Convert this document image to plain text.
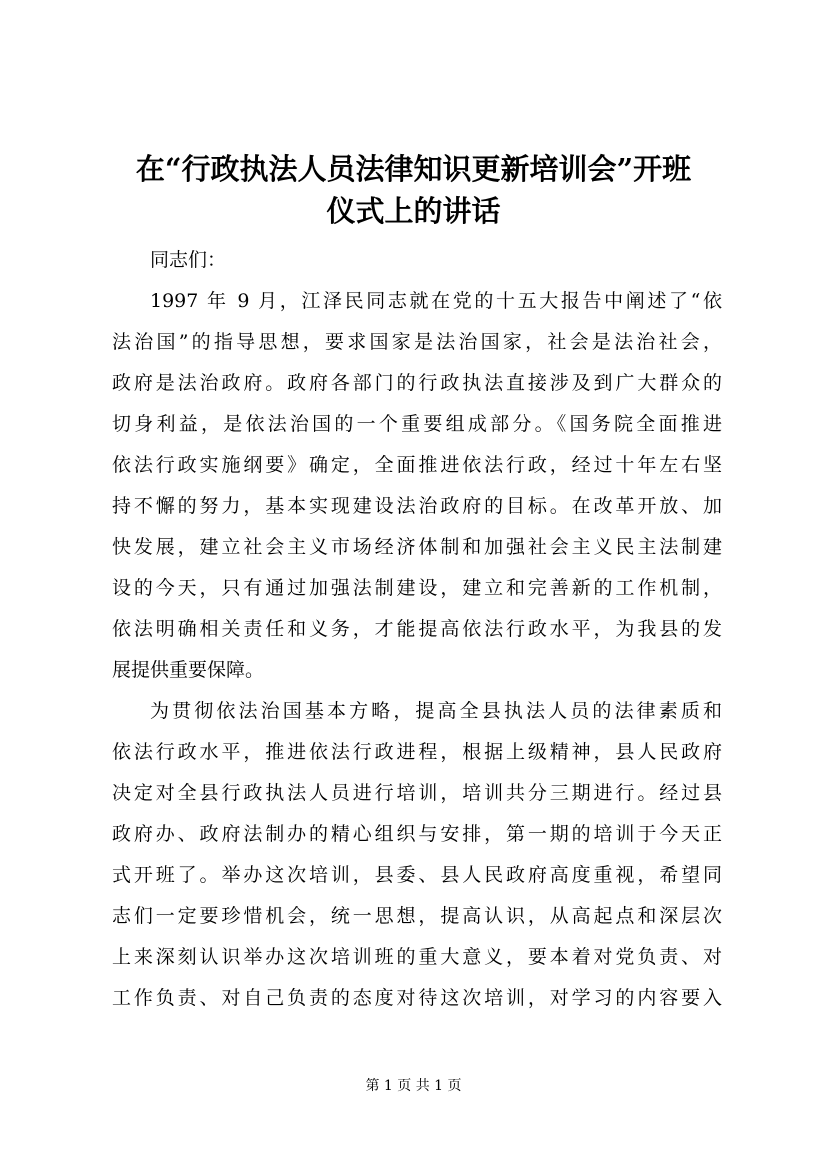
在“行政执法人员法律知识更新培训会”开班
仪式上的讲话
同志们：
1997 年 9 月，江泽民同志就在党的十五大报告中阐述了“依
法治国”的指导思想，要求国家是法治国家，社会是法治社会，
政府是法治政府。政府各部门的行政执法直接涉及到广大群众的
切身利益，是依法治国的一个重要组成部分。《国务院全面推进
依法行政实施纲要》确定，全面推进依法行政，经过十年左右坚
持不懈的努力，基本实现建设法治政府的目标。在改革开放、加
快发展，建立社会主义市场经济体制和加强社会主义民主法制建
设的今天，只有通过加强法制建设，建立和完善新的工作机制，
依法明确相关责任和义务，才能提高依法行政水平，为我县的发
展提供重要保障。
为贯彻依法治国基本方略，提高全县执法人员的法律素质和
依法行政水平，推进依法行政进程，根据上级精神，县人民政府
决定对全县行政执法人员进行培训，培训共分三期进行。经过县
政府办、政府法制办的精心组织与安排，第一期的培训于今天正
式开班了。举办这次培训，县委、县人民政府高度重视，希望同
志们一定要珍惜机会，统一思想，提高认识，从高起点和深层次
上来深刻认识举办这次培训班的重大意义，要本着对党负责、对
工作负责、对自己负责的态度对待这次培训，对学习的内容要入
第 1 页 共 1 页
